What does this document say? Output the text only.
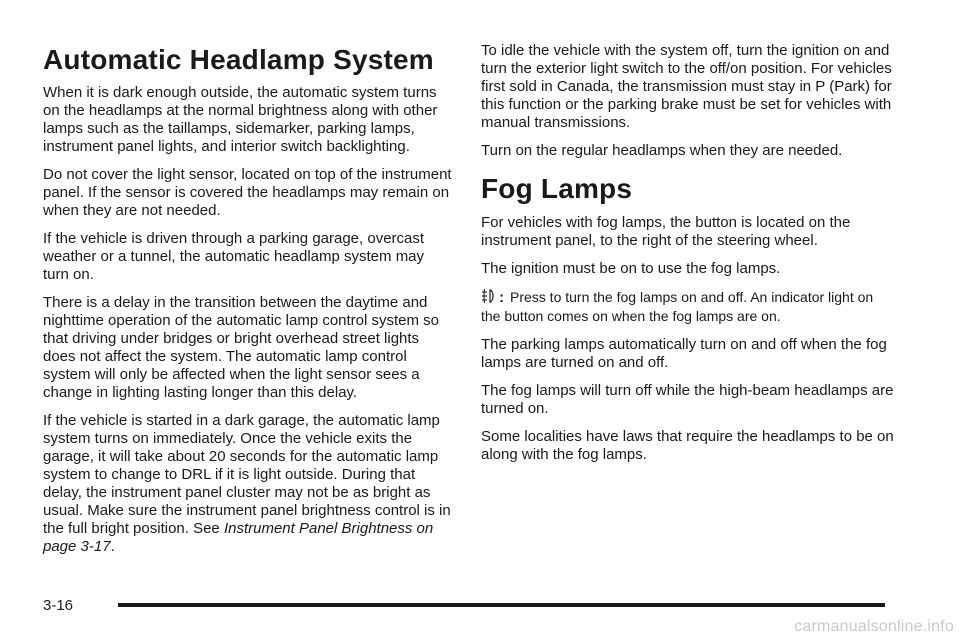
Automatic Headlamp System

When it is dark enough outside, the automatic system turns on the headlamps at the normal brightness along with other lamps such as the taillamps, sidemarker, parking lamps, instrument panel lights, and interior switch backlighting.

Do not cover the light sensor, located on top of the instrument panel. If the sensor is covered the headlamps may remain on when they are not needed.

If the vehicle is driven through a parking garage, overcast weather or a tunnel, the automatic headlamp system may turn on.

There is a delay in the transition between the daytime and nighttime operation of the automatic lamp control system so that driving under bridges or bright overhead street lights does not affect the system. The automatic lamp control system will only be affected when the light sensor sees a change in lighting lasting longer than this delay.

If the vehicle is started in a dark garage, the automatic lamp system turns on immediately. Once the vehicle exits the garage, it will take about 20 seconds for the automatic lamp system to change to DRL if it is light outside. During that delay, the instrument panel cluster may not be as bright as usual. Make sure the instrument panel brightness control is in the full bright position. See Instrument Panel Brightness on page 3-17.

To idle the vehicle with the system off, turn the ignition on and turn the exterior light switch to the off/on position. For vehicles first sold in Canada, the transmission must stay in P (Park) for this function or the parking brake must be set for vehicles with manual transmissions.

Turn on the regular headlamps when they are needed.

Fog Lamps

For vehicles with fog lamps, the button is located on the instrument panel, to the right of the steering wheel.

The ignition must be on to use the fog lamps.

: Press to turn the fog lamps on and off. An indicator light on the button comes on when the fog lamps are on.

The parking lamps automatically turn on and off when the fog lamps are turned on and off.

The fog lamps will turn off while the high-beam headlamps are turned on.

Some localities have laws that require the headlamps to be on along with the fog lamps.

3-16
carmanualsonline.info
